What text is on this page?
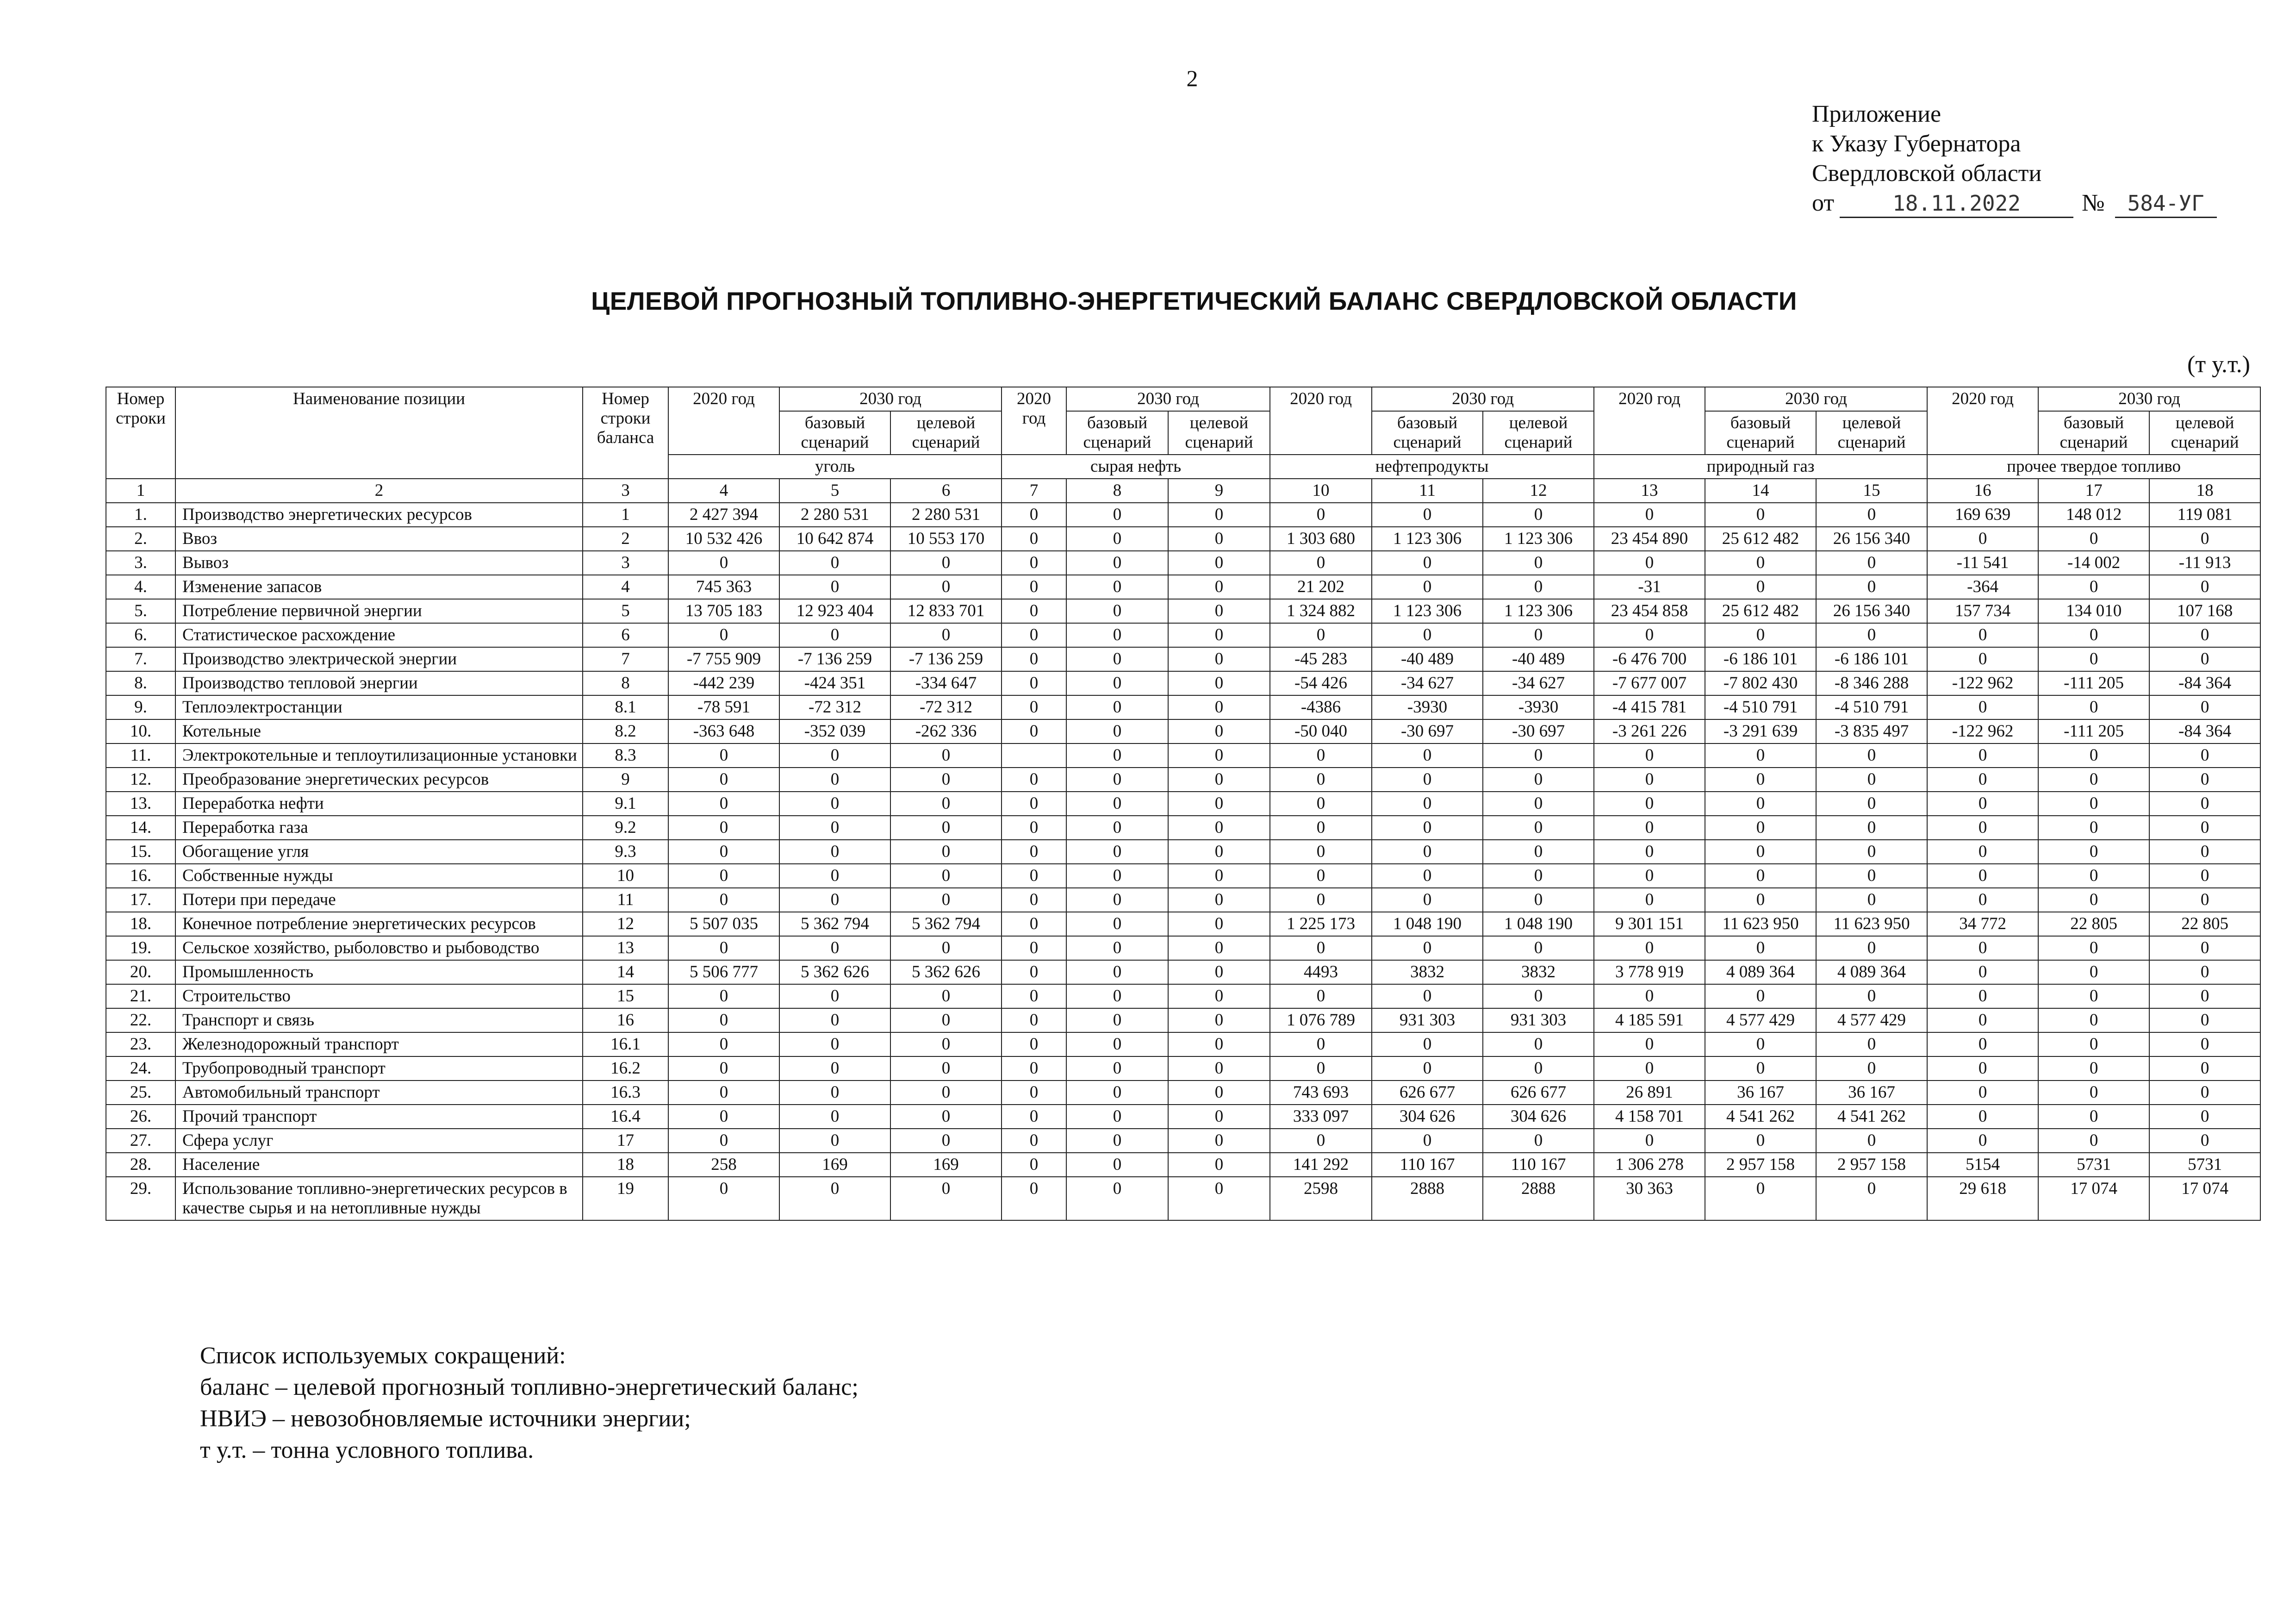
2
Приложение
к Указу Губернатора
Свердловской области
от	18.11.2022	№	584-УГ
ЦЕЛЕВОЙ ПРОГНОЗНЫЙ ТОПЛИВНО-ЭНЕРГЕТИЧЕСКИЙ БАЛАНС СВЕРДЛОВСКОЙ ОБЛАСТИ
(т у.т.)
Номер строки	Наименование позиции	Номер строки баланса	2020 год	2030 год		2020 год	2030 год		2020 год	2030 год		2020 год	2030 год		2020 год	2030 год	
				базовый сценарий	целевой сценарий		базовый сценарий	целевой сценарий		базовый сценарий	целевой сценарий		базовый сценарий	целевой сценарий		базовый сценарий	целевой сценарий
			уголь			сырая нефть			нефтепродукты			природный газ			прочее твердое топливо		
1	2	3	4	5	6	7	8	9	10	11	12	13	14	15	16	17	18
1.	Производство энергетических ресурсов	1	2 427 394	2 280 531	2 280 531	0	0	0	0	0	0	0	0	0	169 639	148 012	119 081
2.	Ввоз	2	10 532 426	10 642 874	10 553 170	0	0	0	1 303 680	1 123 306	1 123 306	23 454 890	25 612 482	26 156 340	0	0	0
3.	Вывоз	3	0	0	0	0	0	0	0	0	0	0	0	0	-11 541	-14 002	-11 913
4.	Изменение запасов	4	745 363	0	0	0	0	0	21 202	0	0	-31	0	0	-364	0	0
5.	Потребление первичной энергии	5	13 705 183	12 923 404	12 833 701	0	0	0	1 324 882	1 123 306	1 123 306	23 454 858	25 612 482	26 156 340	157 734	134 010	107 168
6.	Статистическое расхождение	6	0	0	0	0	0	0	0	0	0	0	0	0	0	0	0
7.	Производство электрической энергии	7	-7 755 909	-7 136 259	-7 136 259	0	0	0	-45 283	-40 489	-40 489	-6 476 700	-6 186 101	-6 186 101	0	0	0
8.	Производство тепловой энергии	8	-442 239	-424 351	-334 647	0	0	0	-54 426	-34 627	-34 627	-7 677 007	-7 802 430	-8 346 288	-122 962	-111 205	-84 364
9.	Теплоэлектростанции	8.1	-78 591	-72 312	-72 312	0	0	0	-4386	-3930	-3930	-4 415 781	-4 510 791	-4 510 791	0	0	0
10.	Котельные	8.2	-363 648	-352 039	-262 336	0	0	0	-50 040	-30 697	-30 697	-3 261 226	-3 291 639	-3 835 497	-122 962	-111 205	-84 364
11.	Электрокотельные и теплоутилизационные установки	8.3	0	0	0		0	0	0	0	0	0	0	0	0	0	0
12.	Преобразование энергетических ресурсов	9	0	0	0	0	0	0	0	0	0	0	0	0	0	0	0
13.	Переработка нефти	9.1	0	0	0	0	0	0	0	0	0	0	0	0	0	0	0
14.	Переработка газа	9.2	0	0	0	0	0	0	0	0	0	0	0	0	0	0	0
15.	Обогащение угля	9.3	0	0	0	0	0	0	0	0	0	0	0	0	0	0	0
16.	Собственные нужды	10	0	0	0	0	0	0	0	0	0	0	0	0	0	0	0
17.	Потери при передаче	11	0	0	0	0	0	0	0	0	0	0	0	0	0	0	0
18.	Конечное потребление энергетических ресурсов	12	5 507 035	5 362 794	5 362 794	0	0	0	1 225 173	1 048 190	1 048 190	9 301 151	11 623 950	11 623 950	34 772	22 805	22 805
19.	Сельское хозяйство, рыболовство и рыбоводство	13	0	0	0	0	0	0	0	0	0	0	0	0	0	0	0
20.	Промышленность	14	5 506 777	5 362 626	5 362 626	0	0	0	4493	3832	3832	3 778 919	4 089 364	4 089 364	0	0	0
21.	Строительство	15	0	0	0	0	0	0	0	0	0	0	0	0	0	0	0
22.	Транспорт и связь	16	0	0	0	0	0	0	1 076 789	931 303	931 303	4 185 591	4 577 429	4 577 429	0	0	0
23.	Железнодорожный транспорт	16.1	0	0	0	0	0	0	0	0	0	0	0	0	0	0	0
24.	Трубопроводный транспорт	16.2	0	0	0	0	0	0	0	0	0	0	0	0	0	0	0
25.	Автомобильный транспорт	16.3	0	0	0	0	0	0	743 693	626 677	626 677	26 891	36 167	36 167	0	0	0
26.	Прочий транспорт	16.4	0	0	0	0	0	0	333 097	304 626	304 626	4 158 701	4 541 262	4 541 262	0	0	0
27.	Сфера услуг	17	0	0	0	0	0	0	0	0	0	0	0	0	0	0	0
28.	Население	18	258	169	169	0	0	0	141 292	110 167	110 167	1 306 278	2 957 158	2 957 158	5154	5731	5731
29.	Использование топливно-энергетических ресурсов в качестве сырья и на нетопливные нужды	19	0	0	0	0	0	0	2598	2888	2888	30 363	0	0	29 618	17 074	17 074
Список используемых сокращений:
баланс – целевой прогнозный топливно-энергетический баланс;
НВИЭ – невозобновляемые источники энергии;
т у.т. – тонна условного топлива.
